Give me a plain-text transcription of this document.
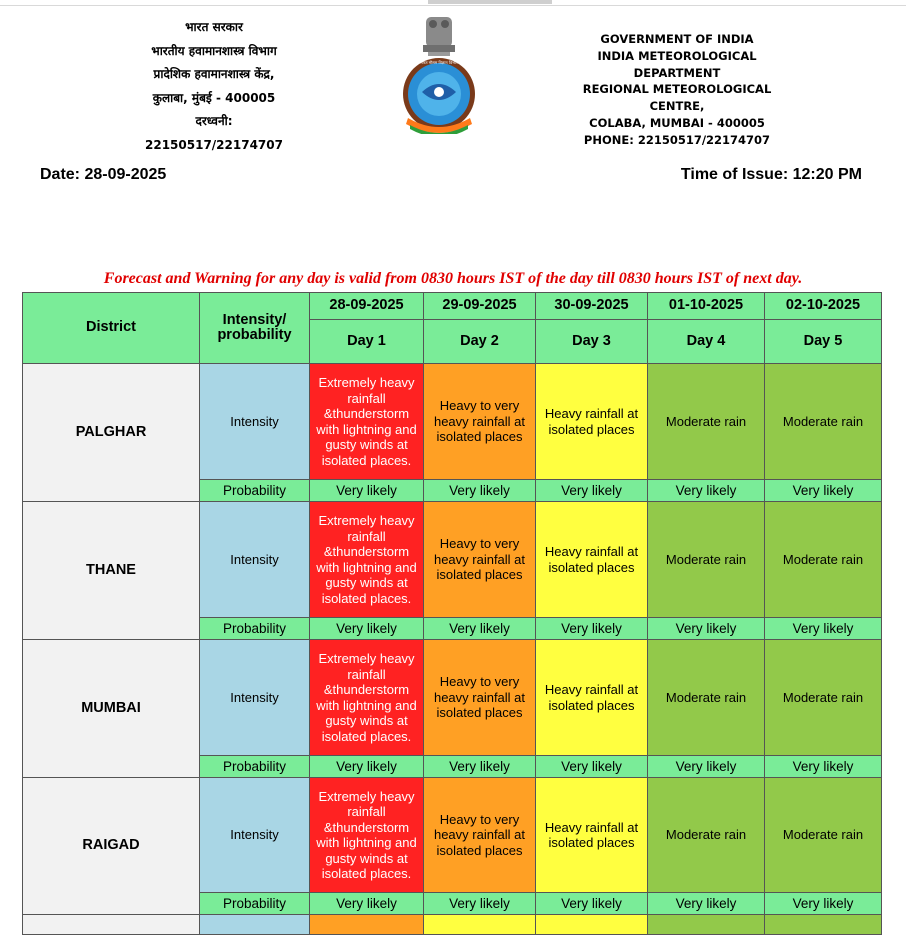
भारत सरकार
भारतीय हवामानशास्त्र विभाग
प्रादेशिक हवामानशास्त्र केंद्र,
कुलाबा, मुंबई - 400005
दरध्वनी: 22150517/22174707
भारत मौसम विज्ञान विभाग
GOVERNMENT OF INDIA
INDIA METEOROLOGICAL DEPARTMENT
REGIONAL METEOROLOGICAL CENTRE,
COLABA, MUMBAI - 400005
PHONE: 22150517/22174707
Date: 28-09-2025	Time of Issue: 12:20 PM
Forecast and Warning for any day is valid from 0830 hours IST of the day till 0830 hours IST of next day.
District	Intensity/ probability	28-09-2025	29-09-2025	30-09-2025	01-10-2025	02-10-2025
		Day 1	Day 2	Day 3	Day 4	Day 5
PALGHAR	Intensity	Extremely heavy rainfall &thunderstorm with lightning and gusty winds at isolated places.	Heavy to very heavy rainfall at isolated places	Heavy rainfall at isolated places	Moderate rain	Moderate rain
	Probability	Very likely	Very likely	Very likely	Very likely	Very likely
THANE	Intensity	Extremely heavy rainfall &thunderstorm with lightning and gusty winds at isolated places.	Heavy to very heavy rainfall at isolated places	Heavy rainfall at isolated places	Moderate rain	Moderate rain
	Probability	Very likely	Very likely	Very likely	Very likely	Very likely
MUMBAI	Intensity	Extremely heavy rainfall &thunderstorm with lightning and gusty winds at isolated places.	Heavy to very heavy rainfall at isolated places	Heavy rainfall at isolated places	Moderate rain	Moderate rain
	Probability	Very likely	Very likely	Very likely	Very likely	Very likely
RAIGAD	Intensity	Extremely heavy rainfall &thunderstorm with lightning and gusty winds at isolated places.	Heavy to very heavy rainfall at isolated places	Heavy rainfall at isolated places	Moderate rain	Moderate rain
	Probability	Very likely	Very likely	Very likely	Very likely	Very likely
